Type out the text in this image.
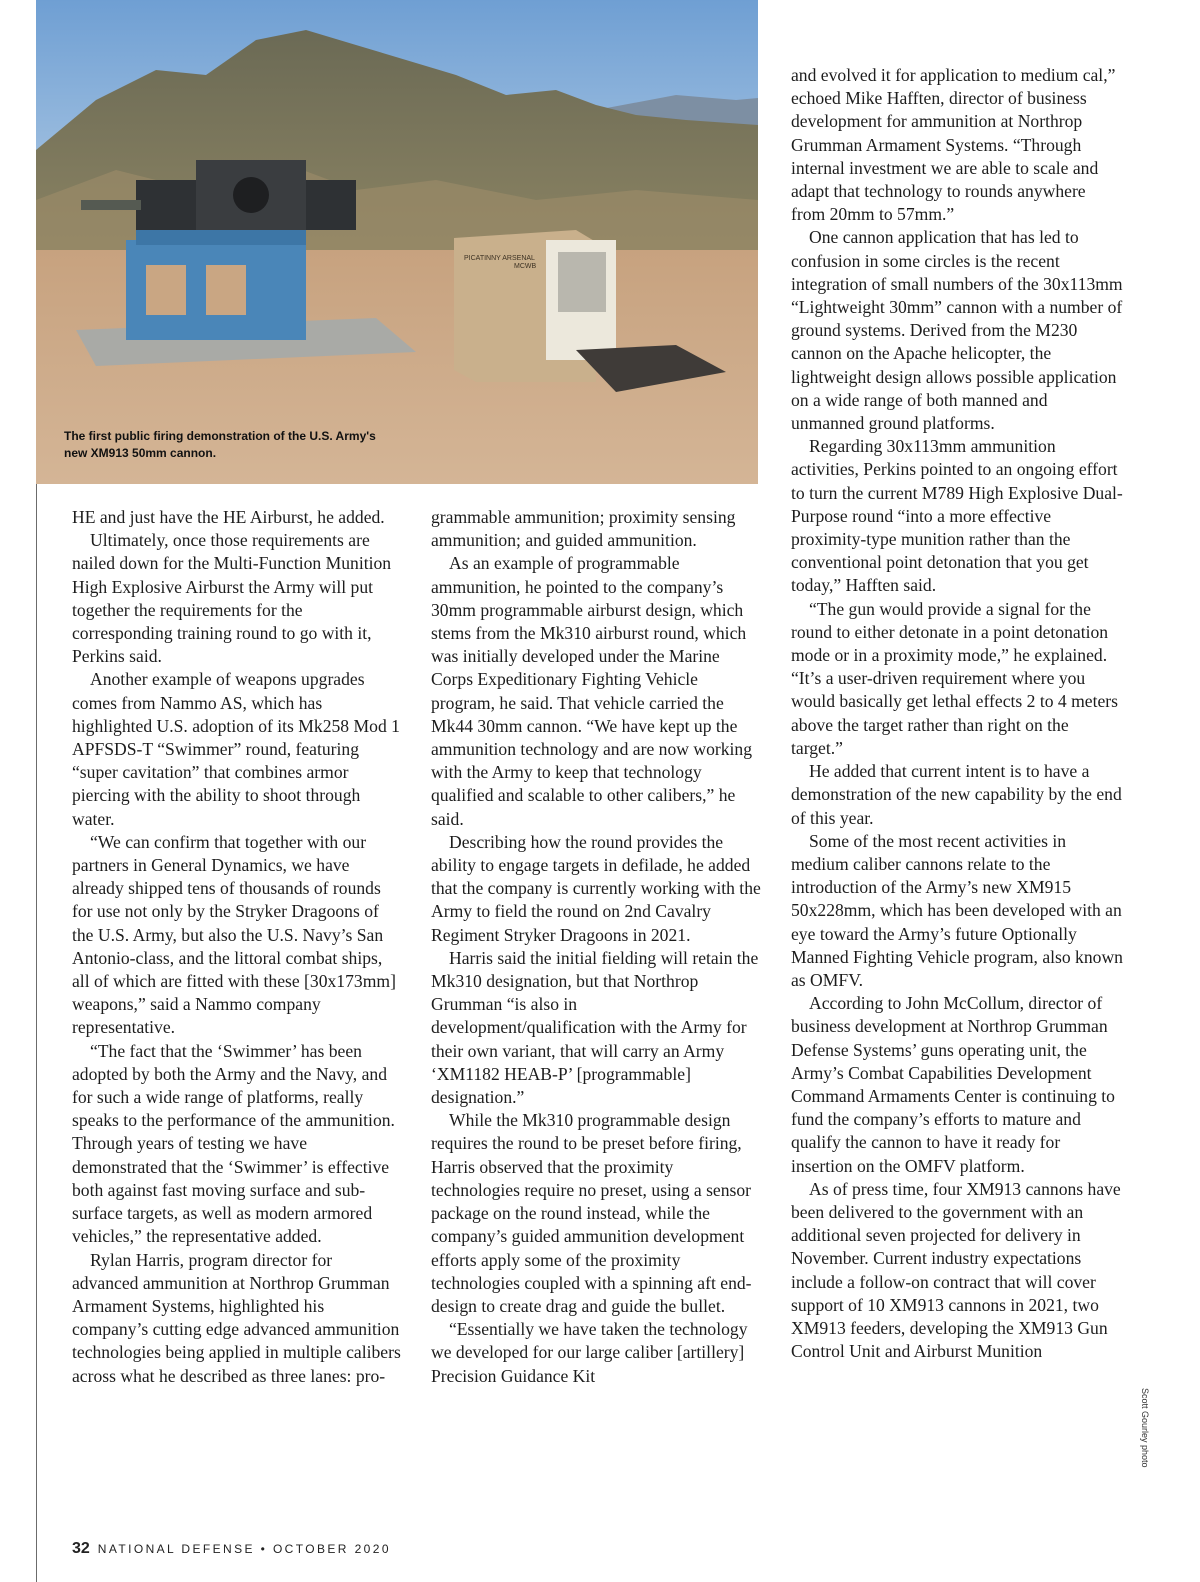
PICATINNY ARSENAL
MCWB
The first public firing demonstration of the U.S. Army's new XM913 50mm cannon.

HE and just have the HE Airburst, he added.

Ultimately, once those requirements are nailed down for the Multi-Function Munition High Explosive Airburst the Army will put together the requirements for the corresponding training round to go with it, Perkins said.

Another example of weapons upgrades comes from Nammo AS, which has highlighted U.S. adoption of its Mk258 Mod 1 APFSDS-T “Swimmer” round, featuring “super cavitation” that combines armor piercing with the ability to shoot through water.

“We can confirm that together with our partners in General Dynamics, we have already shipped tens of thousands of rounds for use not only by the Stryker Dragoons of the U.S. Army, but also the U.S. Navy’s San Antonio-class, and the littoral combat ships, all of which are fitted with these [30x173mm] weapons,” said a Nammo company representative.

“The fact that the ‘Swimmer’ has been adopted by both the Army and the Navy, and for such a wide range of platforms, really speaks to the performance of the ammunition. Through years of testing we have demonstrated that the ‘Swimmer’ is effective both against fast moving surface and sub-surface targets, as well as modern armored vehicles,” the representative added.

Rylan Harris, program director for advanced ammunition at Northrop Grumman Armament Systems, highlighted his company’s cutting edge advanced ammunition technologies being applied in multiple calibers across what he described as three lanes: pro-

grammable ammunition; proximity sensing ammunition; and guided ammunition.

As an example of programmable ammunition, he pointed to the company’s 30mm programmable airburst design, which stems from the Mk310 airburst round, which was initially developed under the Marine Corps Expeditionary Fighting Vehicle program, he said. That vehicle carried the Mk44 30mm cannon. “We have kept up the ammunition technology and are now working with the Army to keep that technology qualified and scalable to other calibers,” he said.

Describing how the round provides the ability to engage targets in defilade, he added that the company is currently working with the Army to field the round on 2nd Cavalry Regiment Stryker Dragoons in 2021.

Harris said the initial fielding will retain the Mk310 designation, but that Northrop Grumman “is also in development/qualification with the Army for their own variant, that will carry an Army ‘XM1182 HEAB-P’ [programmable] designation.”

While the Mk310 programmable design requires the round to be preset before firing, Harris observed that the proximity technologies require no preset, using a sensor package on the round instead, while the company’s guided ammunition development efforts apply some of the proximity technologies coupled with a spinning aft end-design to create drag and guide the bullet.

“Essentially we have taken the technology we developed for our large caliber [artillery] Precision Guidance Kit

and evolved it for application to medium cal,” echoed Mike Hafften, director of business development for ammunition at Northrop Grumman Armament Systems. “Through internal investment we are able to scale and adapt that technology to rounds anywhere from 20mm to 57mm.”

One cannon application that has led to confusion in some circles is the recent integration of small numbers of the 30x113mm “Lightweight 30mm” cannon with a number of ground systems. Derived from the M230 cannon on the Apache helicopter, the lightweight design allows possible application on a wide range of both manned and unmanned ground platforms.

Regarding 30x113mm ammunition activities, Perkins pointed to an ongoing effort to turn the current M789 High Explosive Dual-Purpose round “into a more effective proximity-type munition rather than the conventional point detonation that you get today,” Hafften said.

“The gun would provide a signal for the round to either detonate in a point detonation mode or in a proximity mode,” he explained. “It’s a user-driven requirement where you would basically get lethal effects 2 to 4 meters above the target rather than right on the target.”

He added that current intent is to have a demonstration of the new capability by the end of this year.

Some of the most recent activities in medium caliber cannons relate to the introduction of the Army’s new XM915 50x228mm, which has been developed with an eye toward the Army’s future Optionally Manned Fighting Vehicle program, also known as OMFV.

According to John McCollum, director of business development at Northrop Grumman Defense Systems’ guns operating unit, the Army’s Combat Capabilities Development Command Armaments Center is continuing to fund the company’s efforts to mature and qualify the cannon to have it ready for insertion on the OMFV platform.

As of press time, four XM913 cannons have been delivered to the government with an additional seven projected for delivery in November. Current industry expectations include a follow-on contract that will cover support of 10 XM913 cannons in 2021, two XM913 feeders, developing the XM913 Gun Control Unit and Airburst Munition

Scott Gourley photo
32 NATIONAL DEFENSE • OCTOBER 2020
